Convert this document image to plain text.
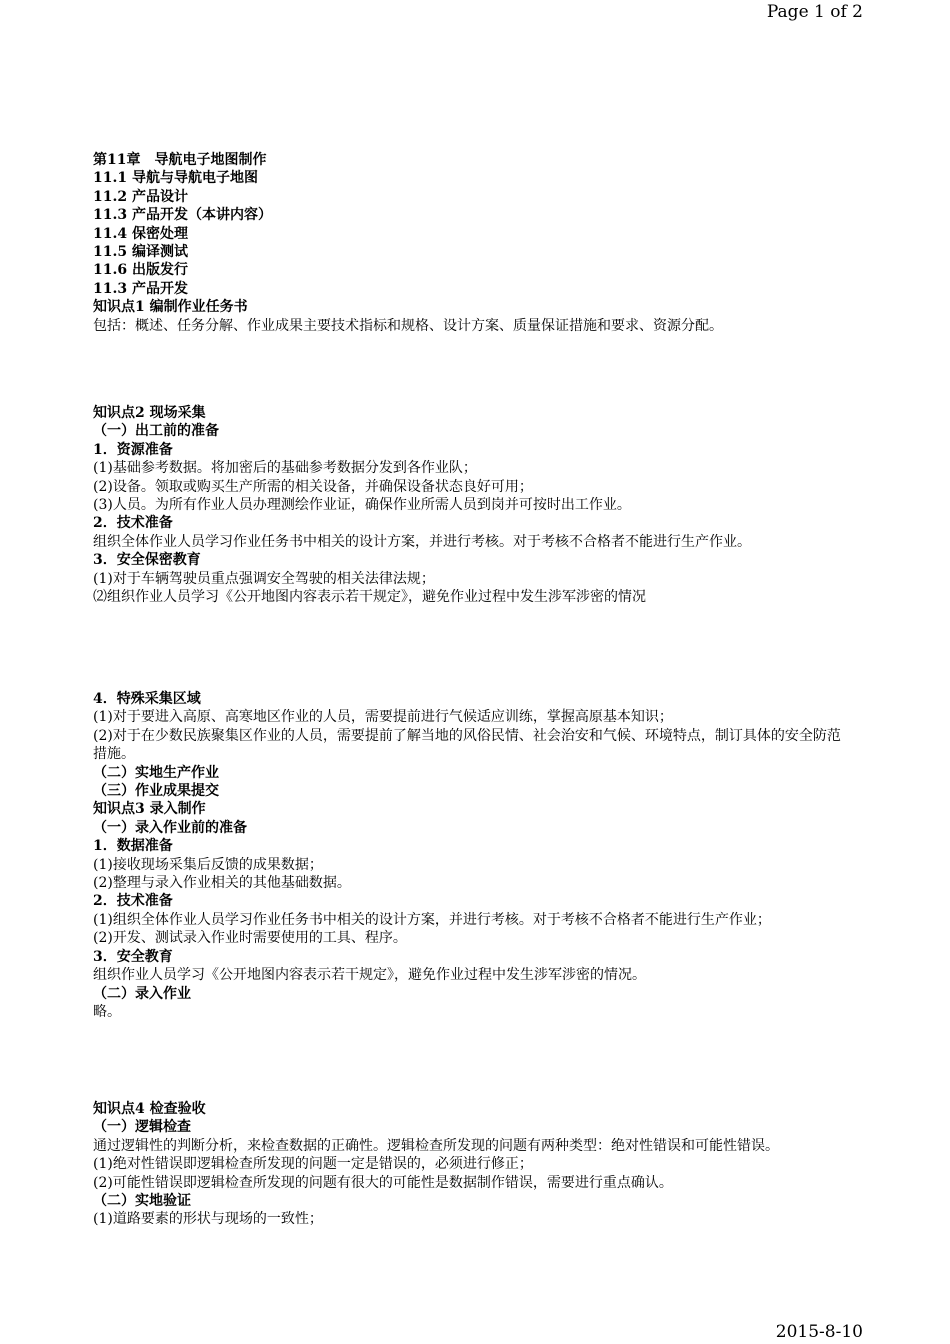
Page 1 of 2
第11章　导航电子地图制作
11.1 导航与导航电子地图
11.2 产品设计
11.3 产品开发（本讲内容）
11.4 保密处理
11.5 编译测试
11.6 出版发行
11.3 产品开发
知识点1 编制作业任务书
包括：概述、任务分解、作业成果主要技术指标和规格、设计方案、质量保证措施和要求、资源分配。
知识点2 现场采集
（一）出工前的准备
1．资源准备
(1)基础参考数据。将加密后的基础参考数据分发到各作业队；
(2)设备。领取或购买生产所需的相关设备，并确保设备状态良好可用；
(3)人员。为所有作业人员办理测绘作业证，确保作业所需人员到岗并可按时出工作业。
2．技术准备
组织全体作业人员学习作业任务书中相关的设计方案，并进行考核。对于考核不合格者不能进行生产作业。
3．安全保密教育
(1)对于车辆驾驶员重点强调安全驾驶的相关法律法规；
⑵组织作业人员学习《公开地图内容表示若干规定》，避免作业过程中发生涉军涉密的情况
4．特殊采集区域
(1)对于要进入高原、高寒地区作业的人员，需要提前进行气候适应训练，掌握高原基本知识；
(2)对于在少数民族聚集区作业的人员，需要提前了解当地的风俗民情、社会治安和气候、环境特点，制订具体的安全防范措施。
（二）实地生产作业
（三）作业成果提交
知识点3 录入制作
（一）录入作业前的准备
1．数据准备
(1)接收现场采集后反馈的成果数据；
(2)整理与录入作业相关的其他基础数据。
2．技术准备
(1)组织全体作业人员学习作业任务书中相关的设计方案，并进行考核。对于考核不合格者不能进行生产作业；
(2)开发、测试录入作业时需要使用的工具、程序。
3．安全教育
组织作业人员学习《公开地图内容表示若干规定》，避免作业过程中发生涉军涉密的情况。
（二）录入作业
略。
知识点4 检查验收
（一）逻辑检查
通过逻辑性的判断分析，来检查数据的正确性。逻辑检查所发现的问题有两种类型：绝对性错误和可能性错误。
(1)绝对性错误即逻辑检查所发现的问题一定是错误的，必须进行修正；
(2)可能性错误即逻辑检查所发现的问题有很大的可能性是数据制作错误，需要进行重点确认。
（二）实地验证
(1)道路要素的形状与现场的一致性；
2015-8-10
